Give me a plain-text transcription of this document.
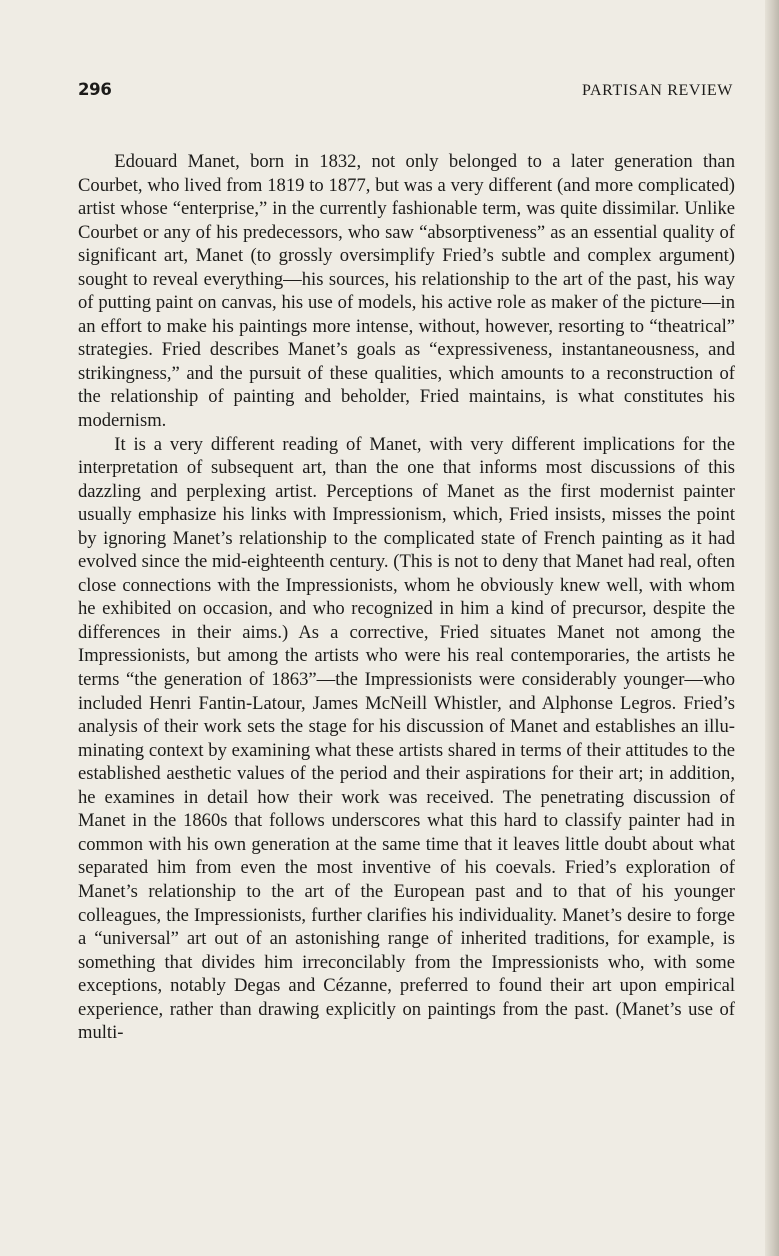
296	PARTISAN REVIEW

Edouard Manet, born in 1832, not only belonged to a later generation than Courbet, who lived from 1819 to 1877, but was a very different (and more complicated) artist whose “enterprise,” in the currently fashionable term, was quite dissimilar. Unlike Courbet or any of his predecessors, who saw “absorptiveness” as an essential quality of significant art, Manet (to grossly oversimplify Fried’s subtle and complex argument) sought to reveal everything—his sources, his relationship to the art of the past, his way of putting paint on canvas, his use of models, his active role as maker of the picture—in an effort to make his paintings more intense, without, however, resorting to “theatrical” strategies. Fried describes Manet’s goals as “expressiveness, instantaneousness, and strikingness,” and the pursuit of these qualities, which amounts to a reconstruction of the relationship of painting and beholder, Fried maintains, is what constitutes his modernism.

It is a very different reading of Manet, with very different implications for the interpretation of subsequent art, than the one that informs most discussions of this dazzling and perplexing artist. Perceptions of Manet as the first modernist painter usually emphasize his links with Impressionism, which, Fried insists, misses the point by ignoring Manet’s relationship to the complicated state of French painting as it had evolved since the mid-eighteenth century. (This is not to deny that Manet had real, often close connections with the Impressionists, whom he obviously knew well, with whom he exhibited on occasion, and who recognized in him a kind of precursor, despite the differences in their aims.) As a corrective, Fried situates Manet not among the Impressionists, but among the artists who were his real contemporaries, the artists he terms “the generation of 1863”—the Impressionists were considerably younger—who included Henri Fantin-Latour, James McNeill Whistler, and Alphonse Legros. Fried’s analysis of their work sets the stage for his discussion of Manet and establishes an illuminating context by examining what these artists shared in terms of their attitudes to the established aesthetic values of the period and their aspirations for their art; in addition, he examines in detail how their work was received. The penetrating discussion of Manet in the 1860s that follows underscores what this hard to classify painter had in common with his own generation at the same time that it leaves little doubt about what separated him from even the most inventive of his coevals. Fried’s exploration of Manet’s relationship to the art of the European past and to that of his younger colleagues, the Impressionists, further clarifies his individuality. Manet’s desire to forge a “universal” art out of an astonishing range of inherited traditions, for example, is something that divides him irreconcilably from the Impressionists who, with some exceptions, notably Degas and Cézanne, preferred to found their art upon empirical experience, rather than drawing explicitly on paintings from the past. (Manet’s use of multi-
